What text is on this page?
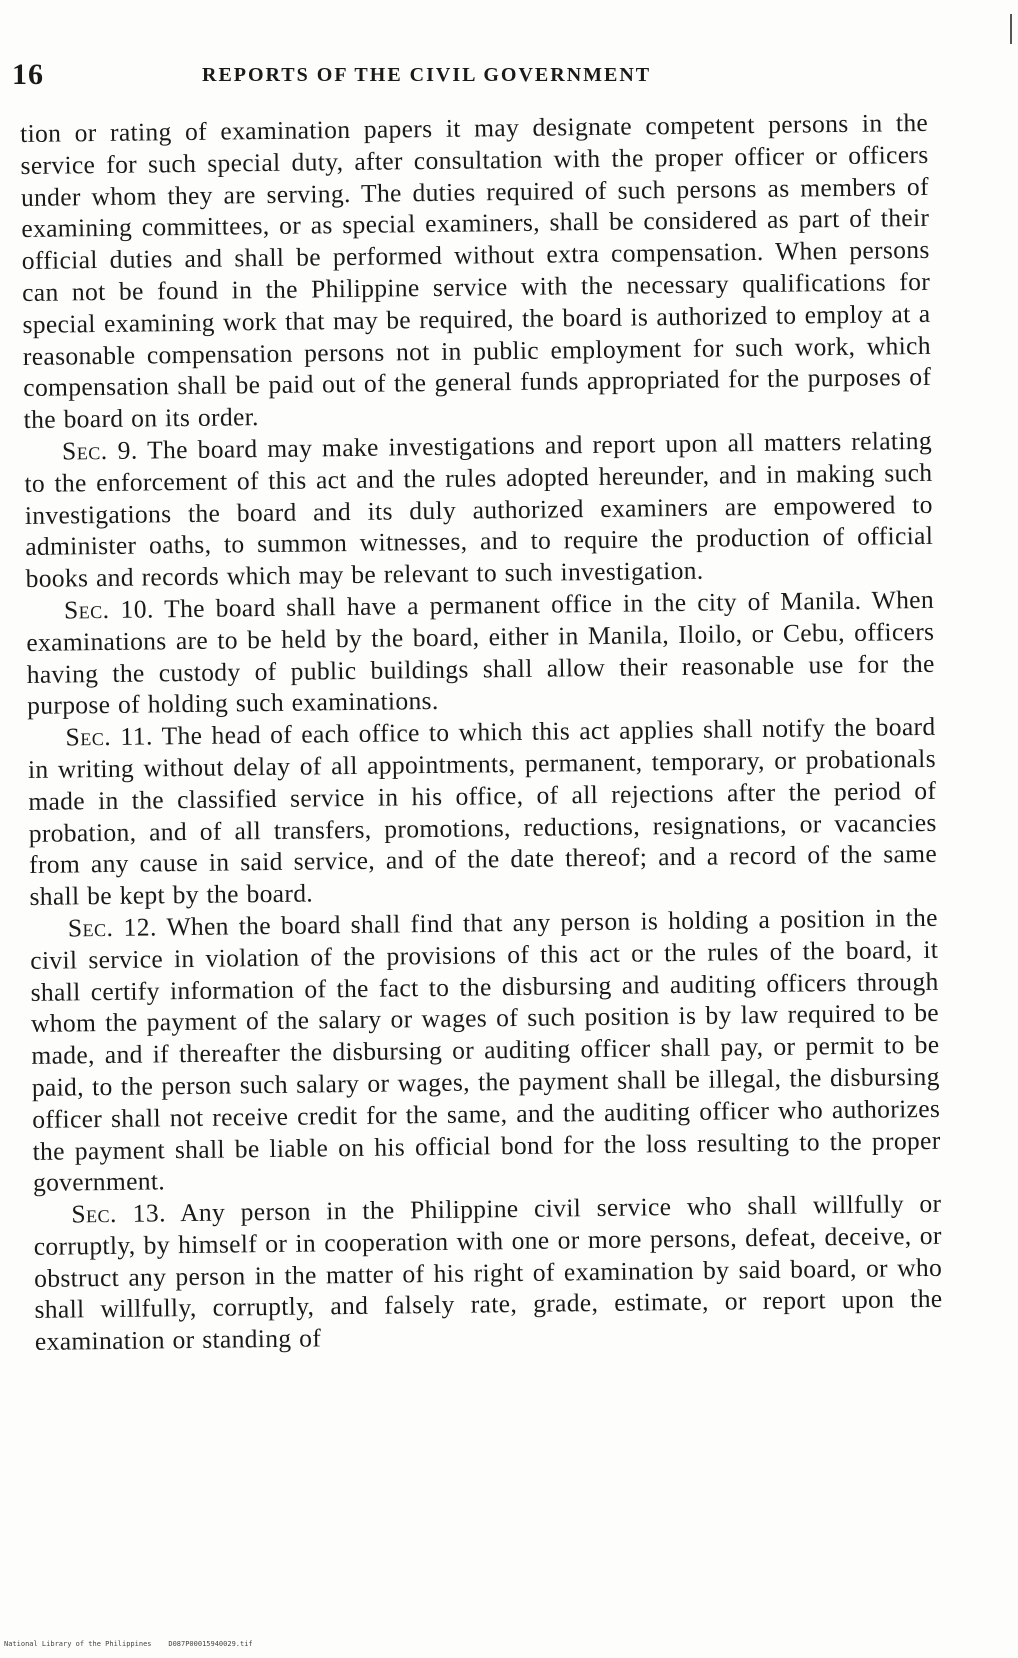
16	REPORTS OF THE CIVIL GOVERNMENT

tion or rating of examination papers it may designate competent persons in the service for such special duty, after consultation with the proper officer or officers under whom they are serving. The duties required of such persons as members of examining committees, or as special examiners, shall be considered as part of their official duties and shall be performed without extra compensation. When persons can not be found in the Philippine service with the necessary qualifications for special examining work that may be required, the board is authorized to employ at a reasonable compensation persons not in public employment for such work, which compensation shall be paid out of the general funds appropriated for the purposes of the board on its order.

Sec. 9. The board may make investigations and report upon all matters relating to the enforcement of this act and the rules adopted hereunder, and in making such investigations the board and its duly authorized examiners are empowered to administer oaths, to summon witnesses, and to require the production of official books and records which may be relevant to such investigation.

Sec. 10. The board shall have a permanent office in the city of Manila. When examinations are to be held by the board, either in Manila, Iloilo, or Cebu, officers having the custody of public buildings shall allow their reasonable use for the purpose of holding such examinations.

Sec. 11. The head of each office to which this act applies shall notify the board in writing without delay of all appointments, permanent, temporary, or probationals made in the classified service in his office, of all rejections after the period of probation, and of all transfers, promotions, reductions, resignations, or vacancies from any cause in said service, and of the date thereof; and a record of the same shall be kept by the board.

Sec. 12. When the board shall find that any person is holding a position in the civil service in violation of the provisions of this act or the rules of the board, it shall certify information of the fact to the disbursing and auditing officers through whom the payment of the salary or wages of such position is by law required to be made, and if thereafter the disbursing or auditing officer shall pay, or permit to be paid, to the person such salary or wages, the payment shall be illegal, the disbursing officer shall not receive credit for the same, and the auditing officer who authorizes the payment shall be liable on his official bond for the loss resulting to the proper government.

Sec. 13. Any person in the Philippine civil service who shall willfully or corruptly, by himself or in cooperation with one or more persons, defeat, deceive, or obstruct any person in the matter of his right of examination by said board, or who shall willfully, corruptly, and falsely rate, grade, estimate, or report upon the examination or standing of

National Library of the Philippines    D087P00015940029.tif
